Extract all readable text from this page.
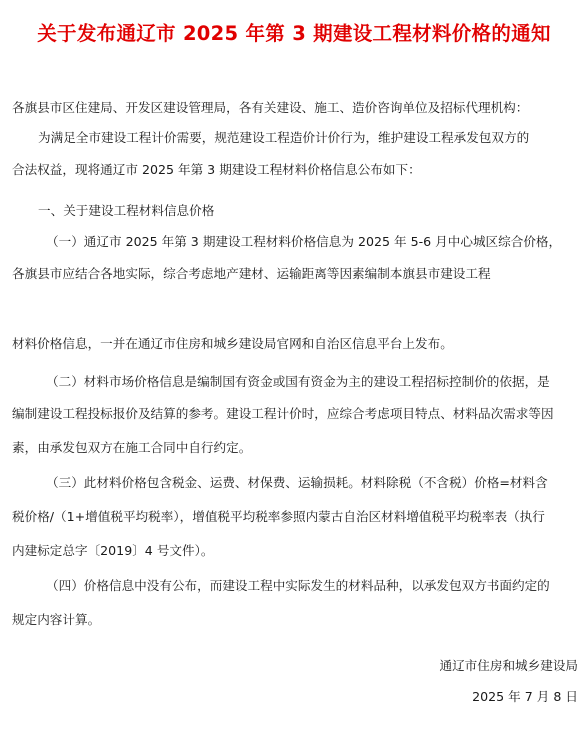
关于发布通辽市 2025 年第 3 期建设工程材料价格的通知
各旗县市区住建局、开发区建设管理局，各有关建设、施工、造价咨询单位及招标代理机构：
为满足全市建设工程计价需要，规范建设工程造价计价行为，维护建设工程承发包双方的
合法权益，现将通辽市 2025 年第 3 期建设工程材料价格信息公布如下：
一、关于建设工程材料信息价格
（一）通辽市 2025 年第 3 期建设工程材料价格信息为 2025 年 5-6 月中心城区综合价格，
各旗县市应结合各地实际，综合考虑地产建材、运输距离等因素编制本旗县市建设工程
材料价格信息，一并在通辽市住房和城乡建设局官网和自治区信息平台上发布。
（二）材料市场价格信息是编制国有资金或国有资金为主的建设工程招标控制价的依据，是
编制建设工程投标报价及结算的参考。建设工程计价时，应综合考虑项目特点、材料品次需求等因
素，由承发包双方在施工合同中自行约定。
（三）此材料价格包含税金、运费、材保费、运输损耗。材料除税（不含税）价格=材料含
税价格/（1+增值税平均税率），增值税平均税率参照内蒙古自治区材料增值税平均税率表（执行
内建标定总字〔2019〕4 号文件）。
（四）价格信息中没有公布，而建设工程中实际发生的材料品种，以承发包双方书面约定的
规定内容计算。
通辽市住房和城乡建设局
2025 年 7 月 8 日
